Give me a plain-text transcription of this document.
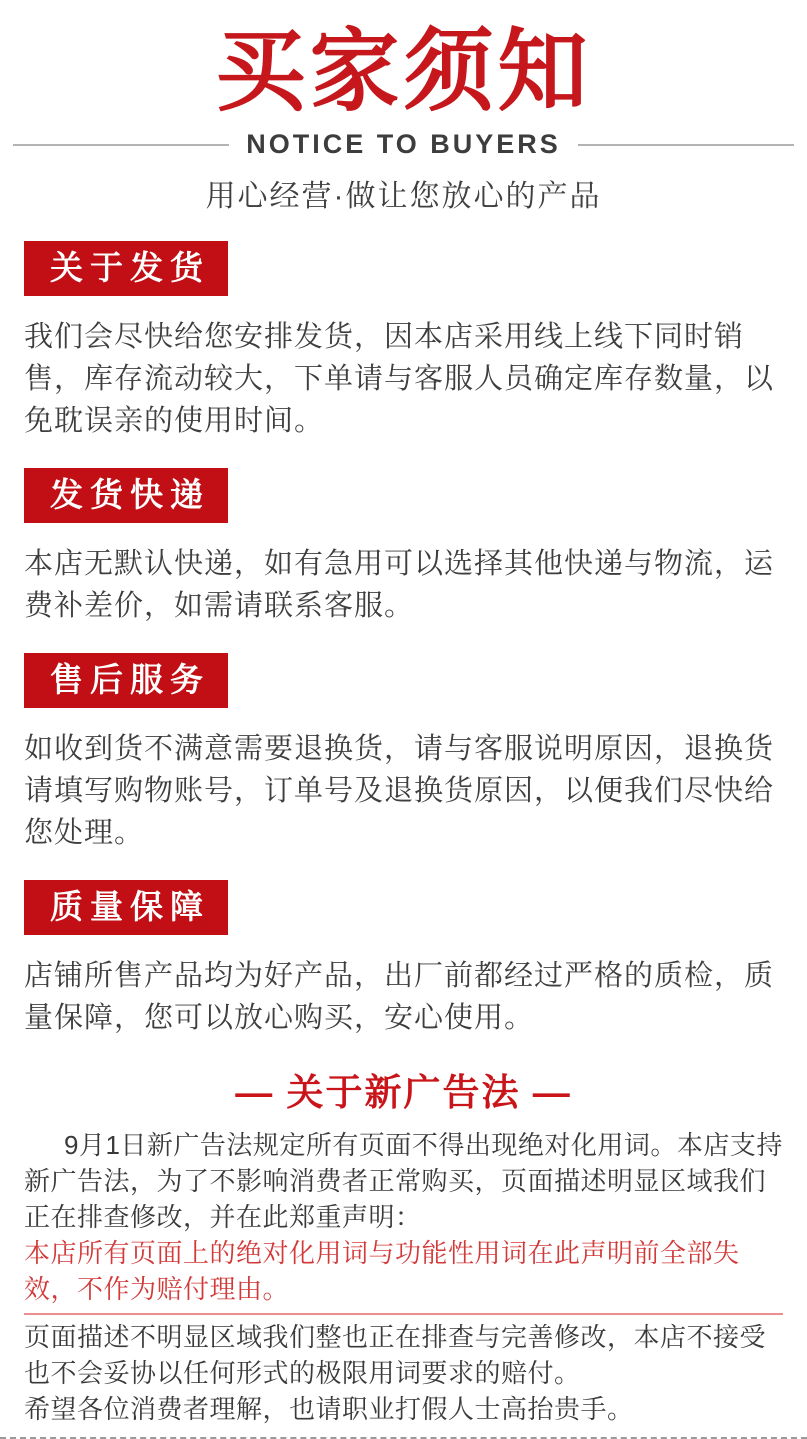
买家须知
NOTICE TO BUYERS
用心经营·做让您放心的产品
关于发货

我们会尽快给您安排发货，因本店采用线上线下同时销售，库存流动较大，下单请与客服人员确定库存数量，以免耽误亲的使用时间。

发货快递

本店无默认快递，如有急用可以选择其他快递与物流，运费补差价，如需请联系客服。

售后服务

如收到货不满意需要退换货，请与客服说明原因，退换货请填写购物账号，订单号及退换货原因，以便我们尽快给您处理。

质量保障

店铺所售产品均为好产品，出厂前都经过严格的质检，质量保障，您可以放心购买，安心使用。

— 关于新广告法 —

9月1日新广告法规定所有页面不得出现绝对化用词。本店支持新广告法，为了不影响消费者正常购买，页面描述明显区域我们正在排查修改，并在此郑重声明：

本店所有页面上的绝对化用词与功能性用词在此声明前全部失效，不作为赔付理由。

页面描述不明显区域我们整也正在排查与完善修改，本店不接受也不会妥协以任何形式的极限用词要求的赔付。

希望各位消费者理解，也请职业打假人士高抬贵手。
